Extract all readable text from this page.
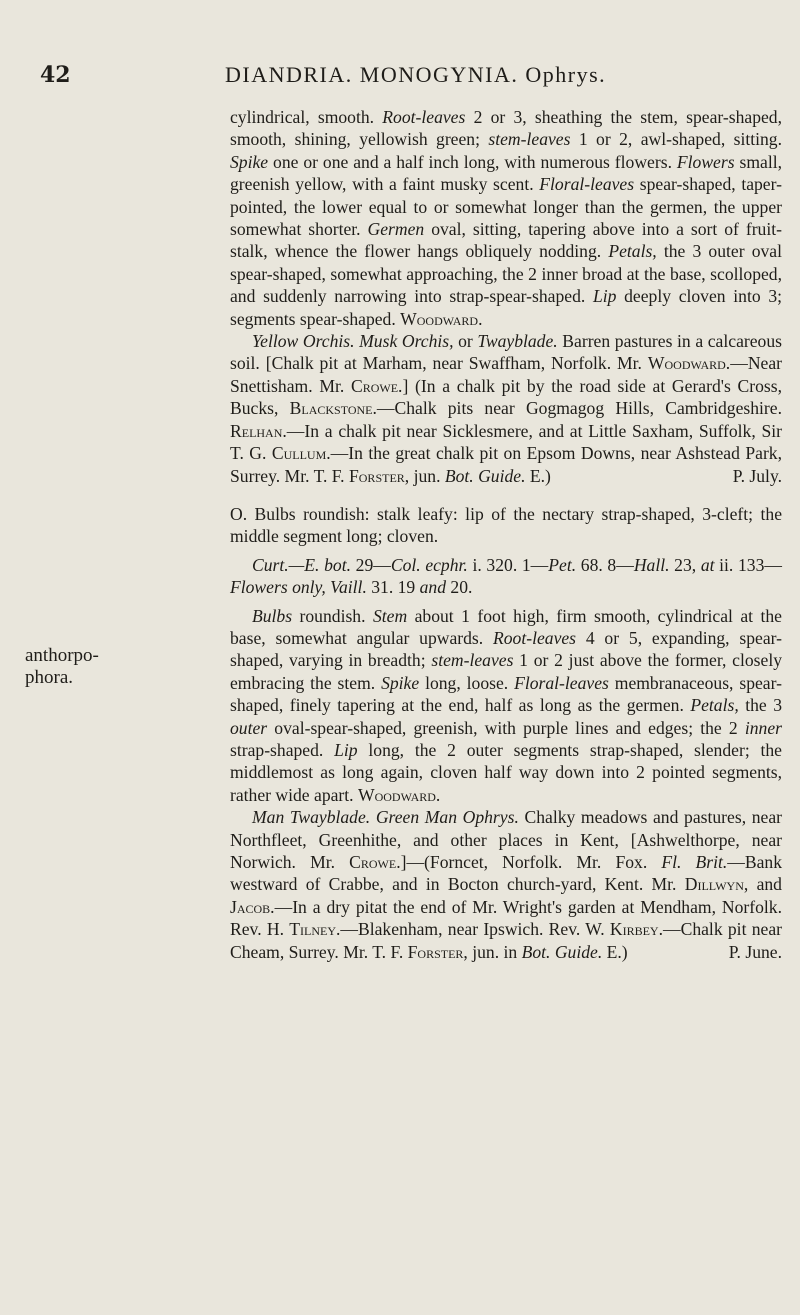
42	DIANDRIA. MONOGYNIA. Ophrys.
anthorpo-
phora.

cylindrical, smooth. Root-leaves 2 or 3, sheathing the stem, spear-shaped, smooth, shining, yellowish green; stem-leaves 1 or 2, awl-shaped, sitting. Spike one or one and a half inch long, with numerous flowers. Flowers small, greenish yellow, with a faint musky scent. Floral-leaves spear-shaped, taper-pointed, the lower equal to or somewhat longer than the germen, the upper somewhat shorter. Germen oval, sitting, tapering above into a sort of fruit-stalk, whence the flower hangs obliquely nodding. Petals, the 3 outer oval spear-shaped, somewhat approaching, the 2 inner broad at the base, scolloped, and suddenly narrowing into strap-spear-shaped. Lip deeply cloven into 3; segments spear-shaped. Woodward.

Yellow Orchis. Musk Orchis, or Twayblade. Barren pastures in a calcareous soil. [Chalk pit at Marham, near Swaffham, Norfolk. Mr. Woodward.—Near Snettisham. Mr. Crowe.] (In a chalk pit by the road side at Gerard's Cross, Bucks, Blackstone.—Chalk pits near Gogmagog Hills, Cambridgeshire. Relhan.—In a chalk pit near Sicklesmere, and at Little Saxham, Suffolk, Sir T. G. Cullum.—In the great chalk pit on Epsom Downs, near Ashstead Park, Surrey. Mr. T. F. Forster, jun. Bot. Guide. E.)	P. July.

O. Bulbs roundish: stalk leafy: lip of the nectary strap-shaped, 3-cleft; the middle segment long; cloven.

Curt.—E. bot. 29—Col. ecphr. i. 320. 1—Pet. 68. 8—Hall. 23, at ii. 133—Flowers only, Vaill. 31. 19 and 20.

Bulbs roundish. Stem about 1 foot high, firm smooth, cylindrical at the base, somewhat angular upwards. Root-leaves 4 or 5, expanding, spear-shaped, varying in breadth; stem-leaves 1 or 2 just above the former, closely embracing the stem. Spike long, loose. Floral-leaves membranaceous, spear-shaped, finely tapering at the end, half as long as the germen. Petals, the 3 outer oval-spear-shaped, greenish, with purple lines and edges; the 2 inner strap-shaped. Lip long, the 2 outer segments strap-shaped, slender; the middlemost as long again, cloven half way down into 2 pointed segments, rather wide apart. Woodward.

Man Twayblade. Green Man Ophrys. Chalky meadows and pastures, near Northfleet, Greenhithe, and other places in Kent, [Ashwelthorpe, near Norwich. Mr. Crowe.]—(Forncet, Norfolk. Mr. Fox. Fl. Brit.—Bank westward of Crabbe, and in Bocton church-yard, Kent. Mr. Dillwyn, and Jacob.—In a dry pitat the end of Mr. Wright's garden at Mendham, Norfolk. Rev. H. Tilney.—Blakenham, near Ipswich. Rev. W. Kirbey.—Chalk pit near Cheam, Surrey. Mr. T. F. Forster, jun. in Bot. Guide. E.)	P. June.
